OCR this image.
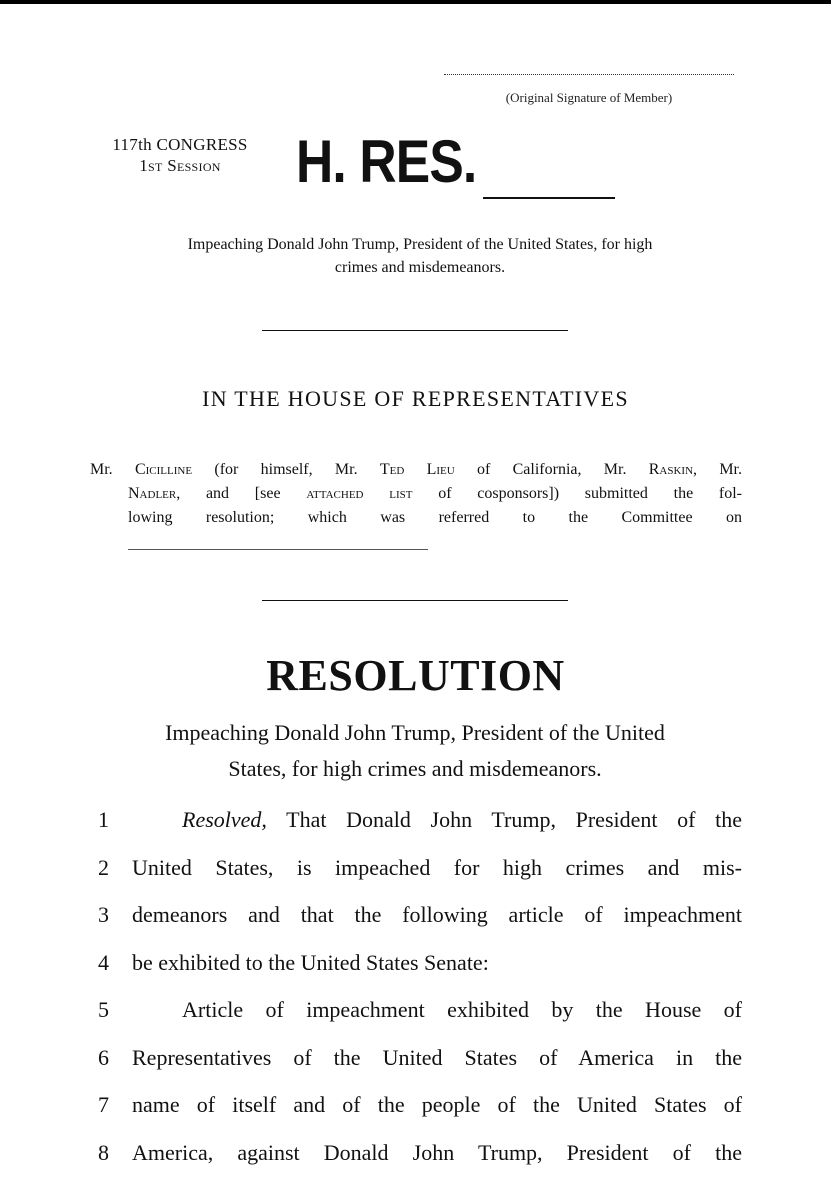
(Original Signature of Member)
117th CONGRESS
1st Session	H. RES.
Impeaching Donald John Trump, President of the United States, for high
crimes and misdemeanors.
IN THE HOUSE OF REPRESENTATIVES

Mr. Cicilline (for himself, Mr. Ted Lieu of California, Mr. Raskin, Mr.

Nadler, and [see attached list of cosponsors]) submitted the fol-

lowing resolution; which was referred to the Committee on

RESOLUTION
Impeaching Donald John Trump, President of the United
States, for high crimes and misdemeanors.
1	Resolved, That Donald John Trump, President of the
2	United States, is impeached for high crimes and mis-
3	demeanors and that the following article of impeachment
4	be exhibited to the United States Senate:
5	Article of impeachment exhibited by the House of
6	Representatives of the United States of America in the
7	name of itself and of the people of the United States of
8	America, against Donald John Trump, President of the
